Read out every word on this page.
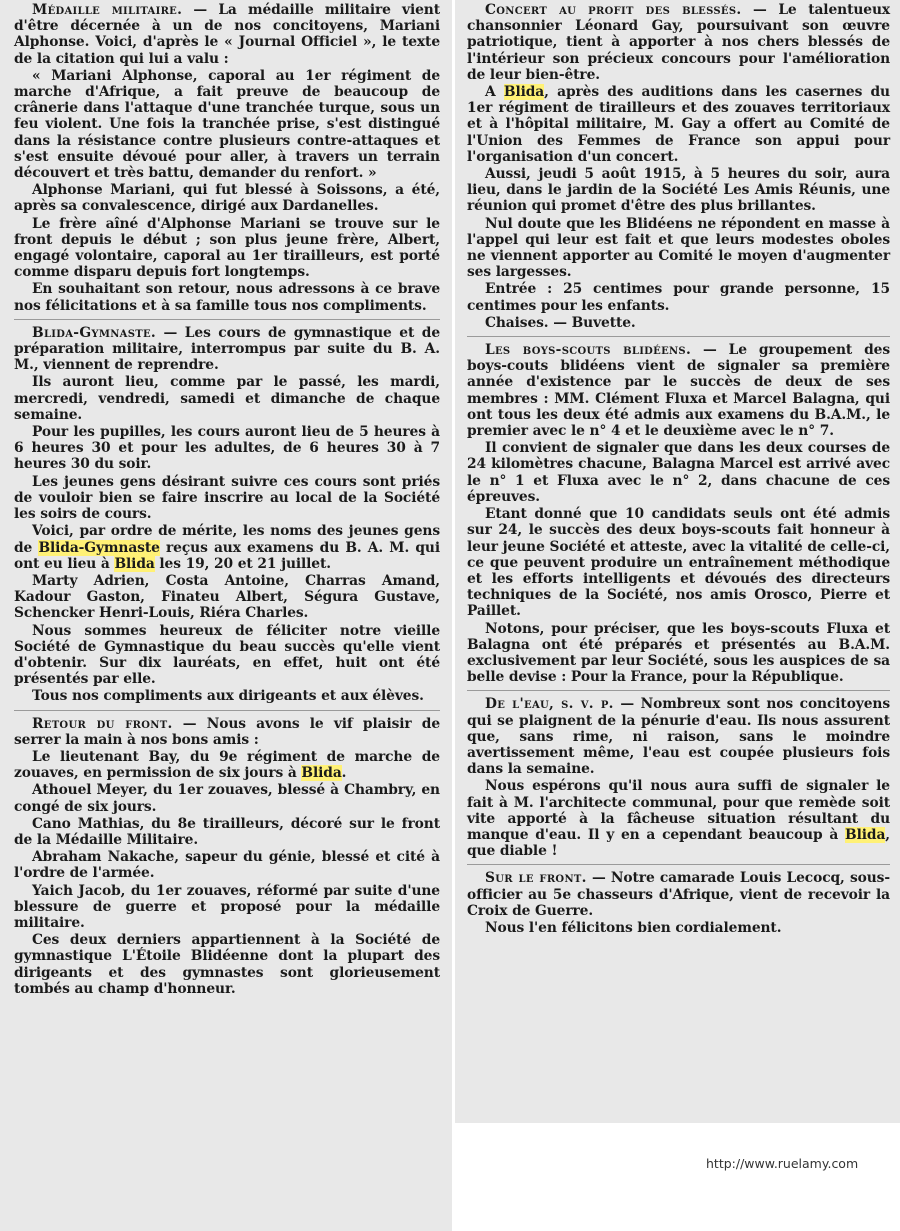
Médaille militaire. — La médaille militaire vient d'être décernée à un de nos concitoyens, Mariani Alphonse. Voici, d'après le « Journal Officiel », le texte de la citation qui lui a valu :

« Mariani Alphonse, caporal au 1er régiment de marche d'Afrique, a fait preuve de beaucoup de crânerie dans l'attaque d'une tranchée turque, sous un feu violent. Une fois la tranchée prise, s'est distingué dans la résistance contre plusieurs contre-attaques et s'est ensuite dévoué pour aller, à travers un terrain découvert et très battu, demander du renfort. »

Alphonse Mariani, qui fut blessé à Soissons, a été, après sa convalescence, dirigé aux Dardanelles.

Le frère aîné d'Alphonse Mariani se trouve sur le front depuis le début ; son plus jeune frère, Albert, engagé volontaire, caporal au 1er tirailleurs, est porté comme disparu depuis fort longtemps.

En souhaitant son retour, nous adressons à ce brave nos félicitations et à sa famille tous nos compliments.

Blida-Gymnaste. — Les cours de gymnastique et de préparation militaire, interrompus par suite du B. A. M., viennent de reprendre.

Ils auront lieu, comme par le passé, les mardi, mercredi, vendredi, samedi et dimanche de chaque semaine.

Pour les pupilles, les cours auront lieu de 5 heures à 6 heures 30 et pour les adultes, de 6 heures 30 à 7 heures 30 du soir.

Les jeunes gens désirant suivre ces cours sont priés de vouloir bien se faire inscrire au local de la Société les soirs de cours.

Voici, par ordre de mérite, les noms des jeunes gens de Blida-Gymnaste reçus aux examens du B. A. M. qui ont eu lieu à Blida les 19, 20 et 21 juillet.

Marty Adrien, Costa Antoine, Charras Amand, Kadour Gaston, Finateu Albert, Ségura Gustave, Schencker Henri-Louis, Riéra Charles.

Nous sommes heureux de féliciter notre vieille Société de Gymnastique du beau succès qu'elle vient d'obtenir. Sur dix lauréats, en effet, huit ont été présentés par elle.

Tous nos compliments aux dirigeants et aux élèves.

Retour du front. — Nous avons le vif plaisir de serrer la main à nos bons amis :

Le lieutenant Bay, du 9e régiment de marche de zouaves, en permission de six jours à Blida.

Athouel Meyer, du 1er zouaves, blessé à Chambry, en congé de six jours.

Cano Mathias, du 8e tirailleurs, décoré sur le front de la Médaille Militaire.

Abraham Nakache, sapeur du génie, blessé et cité à l'ordre de l'armée.

Yaich Jacob, du 1er zouaves, réformé par suite d'une blessure de guerre et proposé pour la médaille militaire.

Ces deux derniers appartiennent à la Société de gymnastique L'Étoile Blidéenne dont la plupart des dirigeants et des gymnastes sont glorieusement tombés au champ d'honneur.

Concert au profit des blessés. — Le talentueux chansonnier Léonard Gay, poursuivant son œuvre patriotique, tient à apporter à nos chers blessés de l'intérieur son précieux concours pour l'amélioration de leur bien-être.

A Blida, après des auditions dans les casernes du 1er régiment de tirailleurs et des zouaves territoriaux et à l'hôpital militaire, M. Gay a offert au Comité de l'Union des Femmes de France son appui pour l'organisation d'un concert.

Aussi, jeudi 5 août 1915, à 5 heures du soir, aura lieu, dans le jardin de la Société Les Amis Réunis, une réunion qui promet d'être des plus brillantes.

Nul doute que les Blidéens ne répondent en masse à l'appel qui leur est fait et que leurs modestes oboles ne viennent apporter au Comité le moyen d'augmenter ses largesses.

Entrée : 25 centimes pour grande personne, 15 centimes pour les enfants.

Chaises. — Buvette.

Les boys-scouts blidéens. — Le groupement des boys-couts blidéens vient de signaler sa première année d'existence par le succès de deux de ses membres : MM. Clément Fluxa et Marcel Balagna, qui ont tous les deux été admis aux examens du B.A.M., le premier avec le n° 4 et le deuxième avec le n° 7.

Il convient de signaler que dans les deux courses de 24 kilomètres chacune, Balagna Marcel est arrivé avec le n° 1 et Fluxa avec le n° 2, dans chacune de ces épreuves.

Etant donné que 10 candidats seuls ont été admis sur 24, le succès des deux boys-scouts fait honneur à leur jeune Société et atteste, avec la vitalité de celle-ci, ce que peuvent produire un entraînement méthodique et les efforts intelligents et dévoués des directeurs techniques de la Société, nos amis Orosco, Pierre et Paillet.

Notons, pour préciser, que les boys-scouts Fluxa et Balagna ont été préparés et présentés au B.A.M. exclusivement par leur Société, sous les auspices de sa belle devise : Pour la France, pour la République.

De l'eau, s. v. p. — Nombreux sont nos concitoyens qui se plaignent de la pénurie d'eau. Ils nous assurent que, sans rime, ni raison, sans le moindre avertissement même, l'eau est coupée plusieurs fois dans la semaine.

Nous espérons qu'il nous aura suffi de signaler le fait à M. l'architecte communal, pour que remède soit vite apporté à la fâcheuse situation résultant du manque d'eau. Il y en a cependant beaucoup à Blida, que diable !

Sur le front. — Notre camarade Louis Lecocq, sous-officier au 5e chasseurs d'Afrique, vient de recevoir la Croix de Guerre.

Nous l'en félicitons bien cordialement.

http://www.ruelamy.com
